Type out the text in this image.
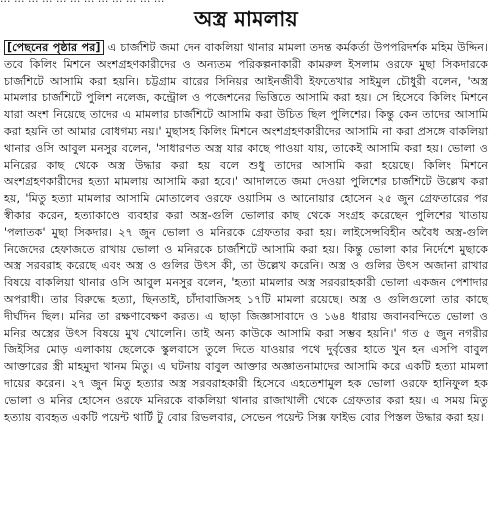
অস্ত্র মামলায়
[পেছনের পৃষ্ঠার পর] এ চার্জশিট জমা দেন বাকলিয়া থানার মামলা তদন্ত কর্মকর্তা উপপরিদর্শক মহিম উদ্দিন। তবে কিলিং মিশনে অংশগ্রহণকারীদের ও অন্যতম পরিকল্পনাকারী কামরুল ইসলাম ওরফে মুছা সিকদারকে চার্জশিটে আসামি করা হয়নি। চট্টগ্রাম বারের সিনিয়র আইনজীবী ইফতেখার সাইমুল চৌধুরী বলেন, 'অস্ত্র মামলার চার্জশিটে পুলিশ নলেজ, কন্ট্রোল ও পজেশনের ভিত্তিতে আসামি করা হয়। সে হিসেবে কিলিং মিশনে যারা অংশ নিয়েছে তাদের এ মামলার চার্জশিটে আসামি করা উচিত ছিল পুলিশের। কিন্তু কেন তাদের আসামি করা হয়নি তা আমার বোধগম্য নয়।' মুছাসহ কিলিং মিশনে অংশগ্রহণকারীদের আসামি না করা প্রসঙ্গে বাকলিয়া থানার ওসি আবুল মনসুর বলেন, 'সাধারণত অস্ত্র যার কাছে পাওয়া যায়, তাকেই আসামি করা হয়। ভোলা ও মনিরের কাছ থেকে অস্ত্র উদ্ধার করা হয় বলে শুধু তাদের আসামি করা হয়েছে। কিলিং মিশনে অংশগ্রহণকারীদের হত্যা মামলায় আসামি করা হবে।' আদালতে জমা দেওয়া পুলিশের চার্জশিটে উল্লেখ করা হয়, 'মিতু হত্যা মামলার আসামি মোতালেব ওরফে ওয়াসিম ও আনোয়ার হোসেন ২৫ জুন গ্রেফতারের পর স্বীকার করেন, হত্যাকাণ্ডে ব্যবহার করা অস্ত্র-গুলি ভোলার কাছ থেকে সংগ্রহ করেছেন পুলিশের খাতায় 'পলাতক' মুছা সিকদার। ২৭ জুন ভোলা ও মনিরকে গ্রেফতার করা হয়। লাইসেন্সবিহীন অবৈধ অস্ত্র-গুলি নিজেদের হেফাজতে রাখায় ভোলা ও মনিরকে চার্জশিটে আসামি করা হয়। কিন্তু ভোলা কার নির্দেশে মুছাকে অস্ত্র সরবরাহ করেছে এবং অস্ত্র ও গুলির উৎস কী, তা উল্লেখ করেনি। অস্ত্র ও গুলির উৎস অজানা রাখার বিষয়ে বাকলিয়া থানার ওসি আবুল মনসুর বলেন, 'হত্যা মামলার অস্ত্র সরবরাহকারী ভোলা একজন পেশাদার অপরাধী। তার বিরুদ্ধে হত্যা, ছিনতাই, চাঁদাবাজিসহ ১৭টি মামলা রয়েছে। অস্ত্র ও গুলিগুলো তার কাছে দীর্ঘদিন ছিল। মনির তা রক্ষণাবেক্ষণ করত। এ ছাড়া জিজ্ঞাসাবাদে ও ১৬৪ ধারায় জবানবন্দিতে ভোলা ও মনির অস্ত্রের উৎস বিষয়ে মুখ খোলেনি। তাই অন্য কাউকে আসামি করা সম্ভব হয়নি।' গত ৫ জুন নগরীর জিইসির মোড় এলাকায় ছেলেকে স্কুলবাসে তুলে দিতে যাওয়ার পথে দুর্বৃত্তের হাতে খুন হন এসপি বাবুল আক্তারের স্ত্রী মাহমুদা খানম মিতু। এ ঘটনায় বাবুল আক্তার অজ্ঞাতনামাদের আসামি করে একটি হত্যা মামলা দায়ের করেন। ২৭ জুন মিতু হত্যার অস্ত্র সরবরাহকারী হিসেবে এহতেশামুল হক ভোলা ওরফে হানিফুল হক ভোলা ও মনির হোসেন ওরফে মনিরকে বাকলিয়া থানার রাজাখালী থেকে গ্রেফতার করা হয়। এ সময় মিতু হত্যায় ব্যবহৃত একটি পয়েন্ট থার্টি টু বোর রিভলবার, সেভেন পয়েন্ট সিক্স ফাইভ বোর পিস্তল উদ্ধার করা হয়।
